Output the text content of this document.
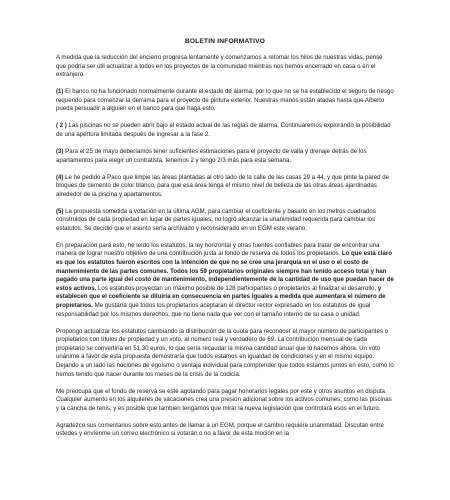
BOLETIN INFORMATIVO

A medida que la reducción del encierro progresa lentamente y comenzamos a retomar los hilos de nuestras vidas, pensé que podría ser útil actualizar a todos en los proyectos de la comunidad mientras nos hemos encerrado en casa o en el extranjero.

(1) El banco no ha funcionado normalmente durante el estado de alarma, por lo que no se ha establecido el seguro de riesgo requerido para comenzar la derrama para el proyecto de pintura exterior. Nuestras manos están atadas hasta que Alberto pueda persuadir a alguien en el banco para que haga esto.

( 2 ) Las piscinas no se pueden abrir bajo el estado actual de las reglas de alarma. Continuaremos explorando la posibilidad de una apertura limitada después de ingresar a la fase 2.

(3) Para el 25 de mayo deberíamos tener suficientes estimaciones para el proyecto de valla y drenaje detrás de los apartamentos para elegir un contratista, tenemos 2 y tengo 2/3 más para esta semana.

(4) Le he pedido a Paco que limpie las áreas plantadas al otro lado de la calle de las casas 29 a 44, y que pinte la pared de bloques de cemento de color blanco, para que esa área tenga el mismo nivel de belleza de las otras áreas ajardinadas alrededor de la piscina y apartamentos.

(5) La propuesta sometida a votación en la última AGM, para cambiar el coeficiente y basarlo en los metros cuadrados construidos de cada propiedad en lugar de partes iguales, no logró alcanzar la unanimidad requerida para cambiar los estatutos. Se decidió que el asunto sería archivado y reconsiderado en un EGM este verano.

En preparación para esto, he leído los estatutos, la ley horizontal y otras fuentes confiables para tratar de encontrar una manera de lograr nuestro objetivo de una contribución justa al fondo de reserva de todos los propietarios. Lo que está claro es que los estatutos fueron escritos con la intención de que no se cree una jerarquía en el uso o el costo de mantenimiento de las partes comunes. Todos los 59 propietarios originales siempre han tenido acceso total y han pagado una parte igual del costo de mantenimiento, independientemente de la cantidad de uso que puedan hacer de estos activos. Los estatutos proyectan un máximo posible de 128 participantes o propietarios al finalizar el desarrollo, y establecen que el coeficiente se diluiría en consecuencia en partes iguales a medida que aumentara el número de propietarios. Me gustaría que todos los propietarios aceptaran el director rector expresado en los estatutos de igual responsabilidad por los mismos derechos, que no tiene nada que ver con el tamaño interno de su casa o unidad.

Propongo actualizar los estatutos cambiando la distribución de la cuota para reconocer el mayor número de participantes o propietarios con títulos de propiedad y un voto, al número real y verdadero de 69. La contribución mensual de cada propietario se convertiría en 51,30 euros, lo que sería recaudar la misma cantidad anual que lo hacemos ahora. Un voto unánime a favor de esta propuesta demostraría que todos estamos en igualdad de condiciones y en el mismo equipo. Dejando a un lado las nociones de egoísmo o ventaja individual para comprender que todos estamos juntos en esto, como lo hemos tenido que hacer durante los meses de la crisis de la codicia.

Me preocupa que el fondo de reserva se esté agotando para pagar honorarios legales por este y otros asuntos en disputa. Cualquier aumento en los alquileres de vacaciones crea una presión adicional sobre los activos comunes, como las piscinas y la cancha de tenis, y es posible que también tengamos que mirar la nueva legislación que controlará esos en el futuro.

Agradezco sus comentarios sobre esto antes de llamar a un EGM, porque el cambio requiere unanimidad. Discutan entre ustedes y envíenme un correo electrónico si votarán o no a favor de esta moción en la
